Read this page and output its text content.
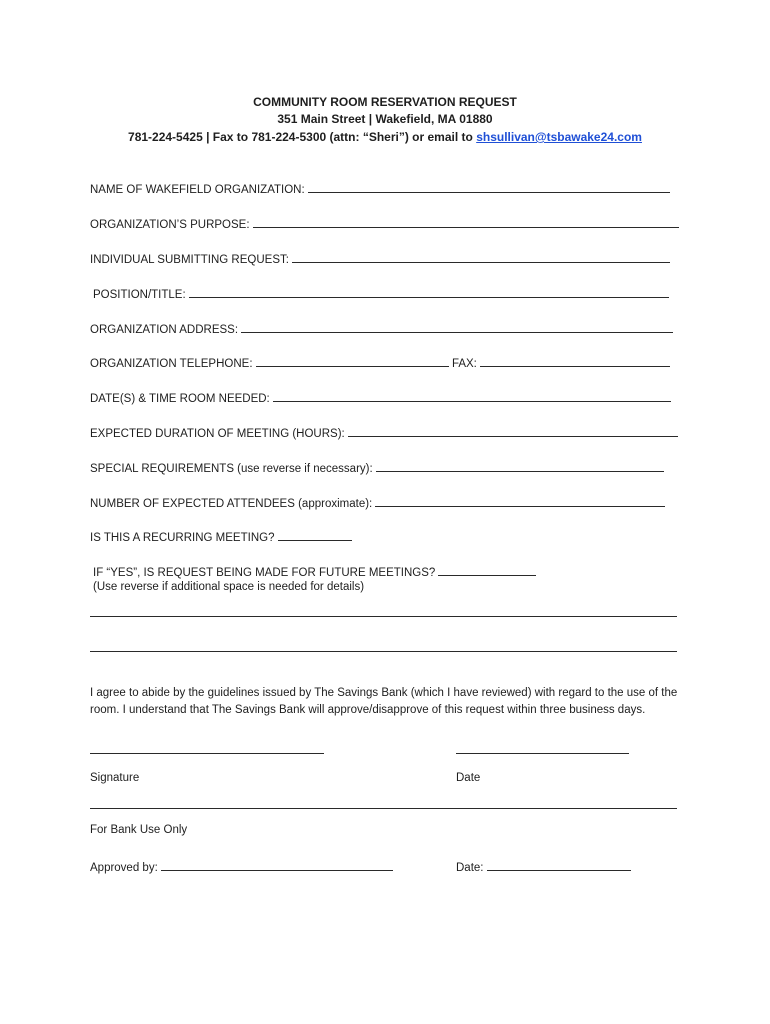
COMMUNITY ROOM RESERVATION REQUEST
351 Main Street | Wakefield, MA 01880
781-224-5425 | Fax to 781-224-5300 (attn: “Sheri”) or email to shsullivan@tsbawake24.com
NAME OF WAKEFIELD ORGANIZATION:
ORGANIZATION’S PURPOSE:
INDIVIDUAL SUBMITTING REQUEST:
POSITION/TITLE:
ORGANIZATION ADDRESS:
ORGANIZATION TELEPHONE:	FAX:
DATE(S) & TIME ROOM NEEDED:
EXPECTED DURATION OF MEETING (HOURS):
SPECIAL REQUIREMENTS (use reverse if necessary):
NUMBER OF EXPECTED ATTENDEES (approximate):
IS THIS A RECURRING MEETING?
IF “YES”, IS REQUEST BEING MADE FOR FUTURE MEETINGS?
(Use reverse if additional space is needed for details)
I agree to abide by the guidelines issued by The Savings Bank (which I have reviewed) with regard to the use of the room. I understand that The Savings Bank will approve/disapprove of this request within three business days.
Signature	Date
For Bank Use Only
Approved by:	Date:
